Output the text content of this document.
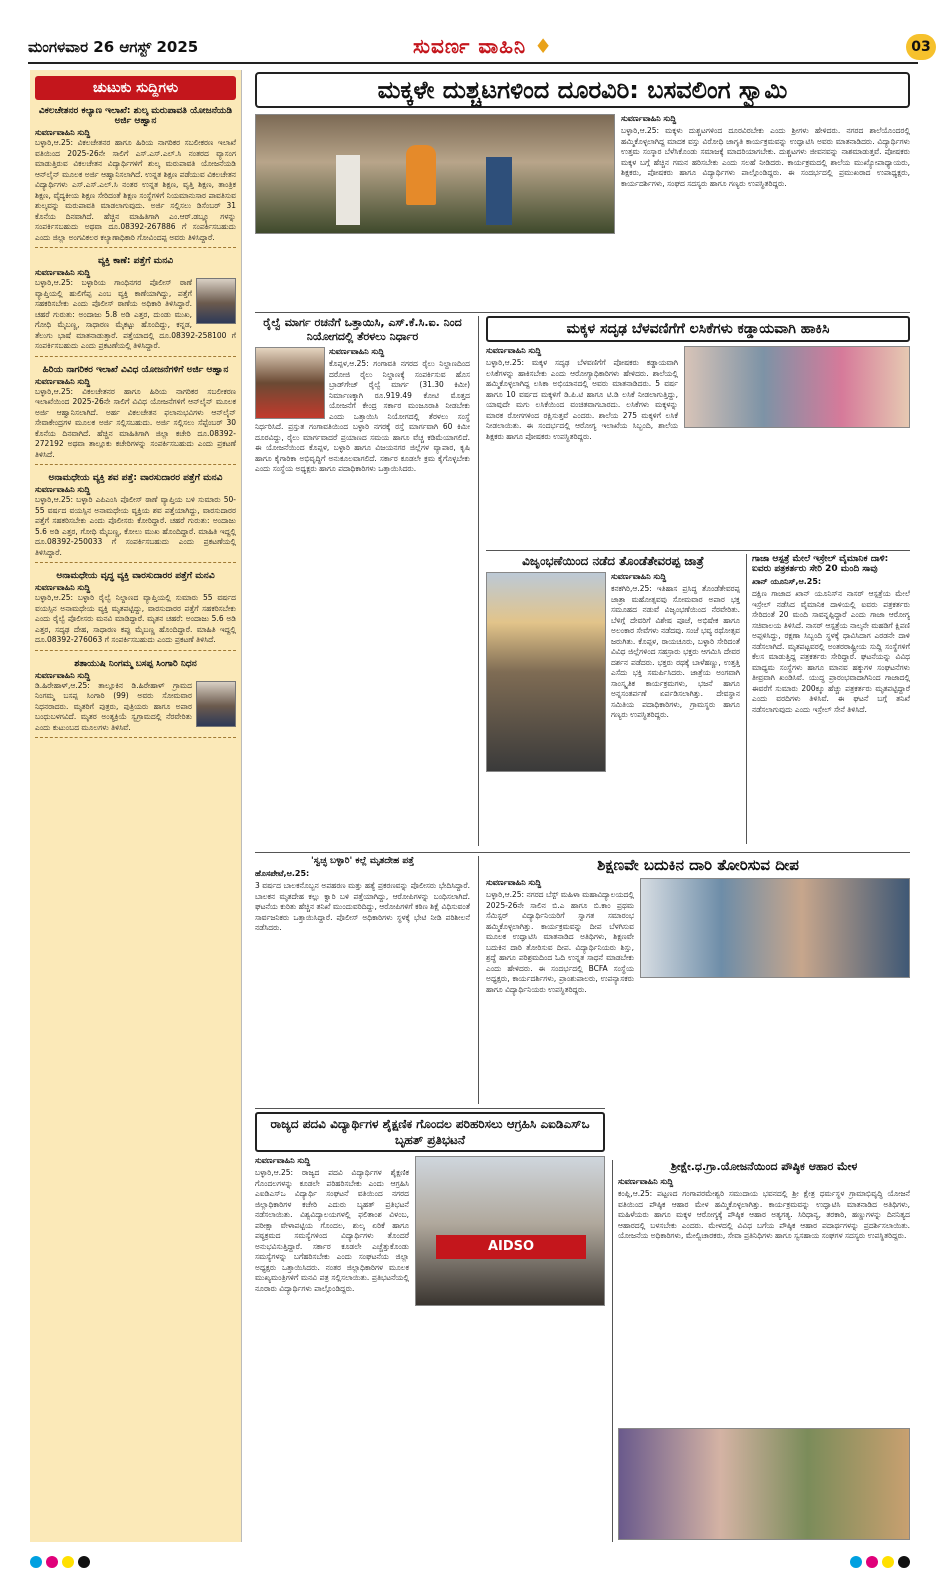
ಮಂಗಳವಾರ 26 ಆಗಸ್ಟ್ 2025	ಸುವರ್ಣ ವಾಹಿನಿ ♦	03
ಚುಟುಕು ಸುದ್ದಿಗಳು
ವಿಕಲಚೇತನರ ಕಲ್ಯಾಣ ಇಲಾಖೆ: ಶುಲ್ಕ ಮರುಪಾವತಿ ಯೋಜನೆಯಡಿ ಅರ್ಜಿ ಆಹ್ವಾನ
ಸುವರ್ಣವಾಹಿನಿ ಸುದ್ದಿ

ಬಳ್ಳಾರಿ,ಆ.25: ವಿಕಲಚೇತನರ ಹಾಗೂ ಹಿರಿಯ ನಾಗರಿಕರ ಸಬಲೀಕರಣ ಇಲಾಖೆ ವತಿಯಿಂದ 2025-26ನೇ ಸಾಲಿಗೆ ಎಸ್.ಎಸ್.ಎಲ್.ಸಿ ನಂತರದ ವ್ಯಾಸಂಗ ಮಾಡುತ್ತಿರುವ ವಿಕಲಚೇತನ ವಿದ್ಯಾರ್ಥಿಗಳಿಗೆ ಶುಲ್ಕ ಮರುಪಾವತಿ ಯೋಜನೆಯಡಿ ಆನ್‌ಲೈನ್ ಮೂಲಕ ಅರ್ಜಿ ಆಹ್ವಾನಿಸಲಾಗಿದೆ. ಉನ್ನತ ಶಿಕ್ಷಣ ಪಡೆಯುವ ವಿಕಲಚೇತನ ವಿದ್ಯಾರ್ಥಿಗಳು ಎಸ್.ಎಸ್.ಎಲ್.ಸಿ ನಂತರ ಉನ್ನತ ಶಿಕ್ಷಣ, ವೃತ್ತಿ ಶಿಕ್ಷಣ, ತಾಂತ್ರಿಕ ಶಿಕ್ಷಣ, ವೈದ್ಯಕೀಯ ಶಿಕ್ಷಣ ಸೇರಿದಂತೆ ಶಿಕ್ಷಣ ಸಂಸ್ಥೆಗಳಿಗೆ ನಿಯಮಾನುಸಾರ ಪಾವತಿಸುವ ಶುಲ್ಕವನ್ನು ಮರುಪಾವತಿ ಮಾಡಲಾಗುವುದು. ಅರ್ಜಿ ಸಲ್ಲಿಸಲು ಡಿಸೆಂಬರ್ 31 ಕೊನೆಯ ದಿನವಾಗಿದೆ. ಹೆಚ್ಚಿನ ಮಾಹಿತಿಗಾಗಿ ಎಂ.ಆರ್.ಡಬ್ಲ್ಯೂ ಗಳನ್ನು ಸಂಪರ್ಕಿಸಬಹುದು ಅಥವಾ ದೂ.08392-267886 ಗೆ ಸಂಪರ್ಕಿಸಬಹುದು ಎಂದು ಜಿಲ್ಲಾ ಅಂಗವಿಕಲರ ಕಲ್ಯಾಣಾಧಿಕಾರಿ ಗೋವಿಂದಪ್ಪ ಅವರು ತಿಳಿಸಿದ್ದಾರೆ.

ವ್ಯಕ್ತಿ ಕಾಣೆ: ಪತ್ತೆಗೆ ಮನವಿ
ಸುವರ್ಣವಾಹಿನಿ ಸುದ್ದಿ

ಬಳ್ಳಾರಿ,ಆ.25: ಬಳ್ಳಾರಿಯ ಗಾಂಧಿನಗರ ಪೊಲೀಸ್ ಠಾಣೆ ವ್ಯಾಪ್ತಿಯಲ್ಲಿ ಹುಲಿಗೆಪ್ಪ ಎಂಬ ವ್ಯಕ್ತಿ ಕಾಣೆಯಾಗಿದ್ದು, ಪತ್ತೆಗೆ ಸಹಕರಿಸಬೇಕು ಎಂದು ಪೊಲೀಸ್ ಠಾಣೆಯ ಅಧಿಕಾರಿ ತಿಳಿಸಿದ್ದಾರೆ. ಚಹರೆ ಗುರುತು: ಅಂದಾಜು 5.8 ಅಡಿ ಎತ್ತರ, ದುಂಡು ಮುಖ, ಗೋಧಿ ಮೈಬಣ್ಣ, ಸಾಧಾರಣ ಮೈಕಟ್ಟು ಹೊಂದಿದ್ದು, ಕನ್ನಡ, ತೆಲುಗು ಭಾಷೆ ಮಾತನಾಡುತ್ತಾರೆ. ಪತ್ತೆಯಾದಲ್ಲಿ ದೂ.08392-258100 ಗೆ ಸಂಪರ್ಕಿಸಬಹುದು ಎಂದು ಪ್ರಕಟಣೆಯಲ್ಲಿ ತಿಳಿಸಿದ್ದಾರೆ.

ಹಿರಿಯ ನಾಗರಿಕರ ಇಲಾಖೆ ವಿವಿಧ ಯೋಜನೆಗಳಿಗೆ ಅರ್ಜಿ ಆಹ್ವಾನ
ಸುವರ್ಣವಾಹಿನಿ ಸುದ್ದಿ

ಬಳ್ಳಾರಿ,ಆ.25: ವಿಕಲಚೇತನರ ಹಾಗೂ ಹಿರಿಯ ನಾಗರಿಕರ ಸಬಲೀಕರಣ ಇಲಾಖೆಯಿಂದ 2025-26ನೇ ಸಾಲಿಗೆ ವಿವಿಧ ಯೋಜನೆಗಳಿಗೆ ಆನ್‌ಲೈನ್ ಮೂಲಕ ಅರ್ಜಿ ಆಹ್ವಾನಿಸಲಾಗಿದೆ. ಅರ್ಹ ವಿಕಲಚೇತನ ಫಲಾನುಭವಿಗಳು ಆನ್‌ಲೈನ್ ಸೇವಾಕೇಂದ್ರಗಳ ಮೂಲಕ ಅರ್ಜಿ ಸಲ್ಲಿಸಬಹುದು. ಅರ್ಜಿ ಸಲ್ಲಿಸಲು ಸೆಪ್ಟೆಂಬರ್ 30 ಕೊನೆಯ ದಿನವಾಗಿದೆ. ಹೆಚ್ಚಿನ ಮಾಹಿತಿಗಾಗಿ ಜಿಲ್ಲಾ ಕಚೇರಿ ದೂ.08392-272192 ಅಥವಾ ತಾಲ್ಲೂಕು ಕಚೇರಿಗಳನ್ನು ಸಂಪರ್ಕಿಸಬಹುದು ಎಂದು ಪ್ರಕಟಣೆ ತಿಳಿಸಿದೆ.

ಅನಾಮಧೇಯ ವ್ಯಕ್ತಿ ಶವ ಪತ್ತೆ: ವಾರಸುದಾರರ ಪತ್ತೆಗೆ ಮನವಿ
ಸುವರ್ಣವಾಹಿನಿ ಸುದ್ದಿ

ಬಳ್ಳಾರಿ,ಆ.25: ಬಳ್ಳಾರಿ ಎಪಿಎಂಸಿ ಪೊಲೀಸ್ ಠಾಣೆ ವ್ಯಾಪ್ತಿಯ ಬಳಿ ಸುಮಾರು 50-55 ವರ್ಷದ ವಯಸ್ಸಿನ ಅನಾಮಧೇಯ ವ್ಯಕ್ತಿಯ ಶವ ಪತ್ತೆಯಾಗಿದ್ದು, ವಾರಸುದಾರರ ಪತ್ತೆಗೆ ಸಹಕರಿಸಬೇಕು ಎಂದು ಪೊಲೀಸರು ಕೋರಿದ್ದಾರೆ. ಚಹರೆ ಗುರುತು: ಅಂದಾಜು 5.6 ಅಡಿ ಎತ್ತರ, ಗೋಧಿ ಮೈಬಣ್ಣ, ಕೋಲು ಮುಖ ಹೊಂದಿದ್ದಾರೆ. ಮಾಹಿತಿ ಇದ್ದಲ್ಲಿ ದೂ.08392-250033 ಗೆ ಸಂಪರ್ಕಿಸಬಹುದು ಎಂದು ಪ್ರಕಟಣೆಯಲ್ಲಿ ತಿಳಿಸಿದ್ದಾರೆ.

ಅನಾಮಧೇಯ ವೃದ್ಧ ವ್ಯಕ್ತಿ ವಾರಸುದಾರರ ಪತ್ತೆಗೆ ಮನವಿ
ಸುವರ್ಣವಾಹಿನಿ ಸುದ್ದಿ

ಬಳ್ಳಾರಿ,ಆ.25: ಬಳ್ಳಾರಿ ರೈಲ್ವೆ ನಿಲ್ದಾಣದ ವ್ಯಾಪ್ತಿಯಲ್ಲಿ ಸುಮಾರು 55 ವರ್ಷದ ವಯಸ್ಸಿನ ಅನಾಮಧೇಯ ವ್ಯಕ್ತಿ ಮೃತಪಟ್ಟಿದ್ದು, ವಾರಸುದಾರರ ಪತ್ತೆಗೆ ಸಹಕರಿಸಬೇಕು ಎಂದು ರೈಲ್ವೆ ಪೊಲೀಸರು ಮನವಿ ಮಾಡಿದ್ದಾರೆ. ಮೃತನ ಚಹರೆ: ಅಂದಾಜು 5.6 ಅಡಿ ಎತ್ತರ, ಸದೃಢ ದೇಹ, ಸಾಧಾರಣ ಕಪ್ಪು ಮೈಬಣ್ಣ ಹೊಂದಿದ್ದಾರೆ. ಮಾಹಿತಿ ಇದ್ದಲ್ಲಿ ದೂ.08392-276063 ಗೆ ಸಂಪರ್ಕಿಸಬಹುದು ಎಂದು ಪ್ರಕಟಣೆ ತಿಳಿಸಿದೆ.

ಶತಾಯುಷಿ ನಿಂಗಮ್ಮ ಬಸಪ್ಪ ಸಿಂಗಾರಿ ನಿಧನ
ಸುವರ್ಣವಾಹಿನಿ ಸುದ್ದಿ

ಡಿ.ಹಿರೇಹಾಳ್,ಆ.25: ತಾಲ್ಲೂಕಿನ ಡಿ.ಹಿರೇಹಾಳ್ ಗ್ರಾಮದ ನಿಂಗಮ್ಮ ಬಸಪ್ಪ ಸಿಂಗಾರಿ (99) ಅವರು ಸೋಮವಾರ ನಿಧನರಾದರು. ಮೃತರಿಗೆ ಪುತ್ರರು, ಪುತ್ರಿಯರು ಹಾಗೂ ಅಪಾರ ಬಂಧುಬಳಗವಿದೆ. ಮೃತರ ಅಂತ್ಯಕ್ರಿಯೆ ಸ್ವಗ್ರಾಮದಲ್ಲಿ ನೆರವೇರಿತು ಎಂದು ಕುಟುಂಬದ ಮೂಲಗಳು ತಿಳಿಸಿವೆ.

ಮಕ್ಕಳೇ ದುಶ್ಚಟಗಳಿಂದ ದೂರವಿರಿ: ಬಸವಲಿಂಗ ಸ್ವಾಮಿ
ಸುವರ್ಣವಾಹಿನಿ ಸುದ್ದಿ
ಬಳ್ಳಾರಿ,ಆ.25: ಮಕ್ಕಳು ದುಶ್ಚಟಗಳಿಂದ ದೂರವಿರಬೇಕು ಎಂದು ಶ್ರೀಗಳು ಹೇಳಿದರು. ನಗರದ ಶಾಲೆಯೊಂದರಲ್ಲಿ ಹಮ್ಮಿಕೊಳ್ಳಲಾಗಿದ್ದ ಮಾದಕ ವಸ್ತು ವಿರೋಧಿ ಜಾಗೃತಿ ಕಾರ್ಯಕ್ರಮವನ್ನು ಉದ್ಘಾಟಿಸಿ ಅವರು ಮಾತನಾಡಿದರು. ವಿದ್ಯಾರ್ಥಿಗಳು ಉತ್ತಮ ಸಂಸ್ಕಾರ ಬೆಳೆಸಿಕೊಂಡು ಸಮಾಜಕ್ಕೆ ಮಾದರಿಯಾಗಬೇಕು. ದುಶ್ಚಟಗಳು ಜೀವನವನ್ನು ನಾಶಮಾಡುತ್ತವೆ. ಪೋಷಕರು ಮಕ್ಕಳ ಬಗ್ಗೆ ಹೆಚ್ಚಿನ ಗಮನ ಹರಿಸಬೇಕು ಎಂದು ಸಲಹೆ ನೀಡಿದರು. ಕಾರ್ಯಕ್ರಮದಲ್ಲಿ ಶಾಲೆಯ ಮುಖ್ಯೋಪಾಧ್ಯಾಯರು, ಶಿಕ್ಷಕರು, ಪೋಷಕರು ಹಾಗೂ ವಿದ್ಯಾರ್ಥಿಗಳು ಪಾಲ್ಗೊಂಡಿದ್ದರು. ಈ ಸಂದರ್ಭದಲ್ಲಿ ಪ್ರಮುಖರಾದ ಉಪಾಧ್ಯಕ್ಷರು, ಕಾರ್ಯದರ್ಶಿಗಳು, ಸಂಘದ ಸದಸ್ಯರು ಹಾಗೂ ಗಣ್ಯರು ಉಪಸ್ಥಿತರಿದ್ದರು.
ರೈಲ್ವೆ ಮಾರ್ಗ ರಚನೆಗೆ ಒತ್ತಾಯಿಸಿ, ಎಸ್.ಕೆ.ಸಿ.ಐ. ನಿಂದ ನಿಯೋಗದಲ್ಲಿ ತೆರಳಲು ನಿರ್ಧಾರ
ಸುವರ್ಣವಾಹಿನಿ ಸುದ್ದಿ
ಕೊಪ್ಪಳ,ಆ.25: ಗಂಗಾವತಿ ನಗರದ ರೈಲು ನಿಲ್ದಾಣದಿಂದ ದರೋಜಿ ರೈಲು ನಿಲ್ದಾಣಕ್ಕೆ ಸಂಪರ್ಕಿಸುವ ಹೊಸ ಬ್ರಾಡ್‌ಗೇಜ್ ರೈಲ್ವೆ ಮಾರ್ಗ (31.30 ಕಿಮೀ) ನಿರ್ಮಾಣಕ್ಕಾಗಿ ರೂ.919.49 ಕೋಟಿ ಮೊತ್ತದ ಯೋಜನೆಗೆ ಕೇಂದ್ರ ಸರ್ಕಾರ ಮಂಜೂರಾತಿ ನೀಡಬೇಕು ಎಂದು ಒತ್ತಾಯಿಸಿ ನಿಯೋಗದಲ್ಲಿ ತೆರಳಲು ಸಂಸ್ಥೆ ನಿರ್ಧರಿಸಿದೆ. ಪ್ರಸ್ತುತ ಗಂಗಾವತಿಯಿಂದ ಬಳ್ಳಾರಿ ನಗರಕ್ಕೆ ರಸ್ತೆ ಮಾರ್ಗವಾಗಿ 60 ಕಿಮೀ ದೂರವಿದ್ದು, ರೈಲು ಮಾರ್ಗವಾದರೆ ಪ್ರಯಾಣದ ಸಮಯ ಹಾಗೂ ವೆಚ್ಚ ಕಡಿಮೆಯಾಗಲಿದೆ. ಈ ಯೋಜನೆಯಿಂದ ಕೊಪ್ಪಳ, ಬಳ್ಳಾರಿ ಹಾಗೂ ವಿಜಯನಗರ ಜಿಲ್ಲೆಗಳ ವ್ಯಾಪಾರ, ಕೃಷಿ ಹಾಗೂ ಕೈಗಾರಿಕಾ ಅಭಿವೃದ್ಧಿಗೆ ಅನುಕೂಲವಾಗಲಿದೆ. ಸರ್ಕಾರ ಕೂಡಲೇ ಕ್ರಮ ಕೈಗೊಳ್ಳಬೇಕು ಎಂದು ಸಂಸ್ಥೆಯ ಅಧ್ಯಕ್ಷರು ಹಾಗೂ ಪದಾಧಿಕಾರಿಗಳು ಒತ್ತಾಯಿಸಿದರು.
ಮಕ್ಕಳ ಸದೃಢ ಬೆಳವಣಿಗೆಗೆ ಲಸಿಕೆಗಳು ಕಡ್ಡಾಯವಾಗಿ ಹಾಕಿಸಿ
ಸುವರ್ಣವಾಹಿನಿ ಸುದ್ದಿ
ಬಳ್ಳಾರಿ,ಆ.25: ಮಕ್ಕಳ ಸದೃಢ ಬೆಳವಣಿಗೆಗೆ ಪೋಷಕರು ಕಡ್ಡಾಯವಾಗಿ ಲಸಿಕೆಗಳನ್ನು ಹಾಕಿಸಬೇಕು ಎಂದು ಆರೋಗ್ಯಾಧಿಕಾರಿಗಳು ಹೇಳಿದರು. ಶಾಲೆಯಲ್ಲಿ ಹಮ್ಮಿಕೊಳ್ಳಲಾಗಿದ್ದ ಲಸಿಕಾ ಅಭಿಯಾನದಲ್ಲಿ ಅವರು ಮಾತನಾಡಿದರು. 5 ವರ್ಷ ಹಾಗೂ 10 ವರ್ಷದ ಮಕ್ಕಳಿಗೆ ಡಿ.ಪಿ.ಟಿ ಹಾಗೂ ಟಿ.ಡಿ ಲಸಿಕೆ ನೀಡಲಾಗುತ್ತಿದ್ದು, ಯಾವುದೇ ಮಗು ಲಸಿಕೆಯಿಂದ ವಂಚಿತವಾಗಬಾರದು. ಲಸಿಕೆಗಳು ಮಕ್ಕಳನ್ನು ಮಾರಕ ರೋಗಗಳಿಂದ ರಕ್ಷಿಸುತ್ತವೆ ಎಂದರು. ಶಾಲೆಯ 275 ಮಕ್ಕಳಿಗೆ ಲಸಿಕೆ ನೀಡಲಾಯಿತು. ಈ ಸಂದರ್ಭದಲ್ಲಿ ಆರೋಗ್ಯ ಇಲಾಖೆಯ ಸಿಬ್ಬಂದಿ, ಶಾಲೆಯ ಶಿಕ್ಷಕರು ಹಾಗೂ ಪೋಷಕರು ಉಪಸ್ಥಿತರಿದ್ದರು.
ವಿಜೃಂಭಣೆಯಿಂದ ನಡೆದ ತೊಂಡೆತೇವರಪ್ಪ ಜಾತ್ರೆ
ಸುವರ್ಣವಾಹಿನಿ ಸುದ್ದಿ
ಕನಕಗಿರಿ,ಆ.25: ಇತಿಹಾಸ ಪ್ರಸಿದ್ಧ ತೊಂಡೆತೇವರಪ್ಪ ಜಾತ್ರಾ ಮಹೋತ್ಸವವು ಸೋಮವಾರ ಅಪಾರ ಭಕ್ತ ಸಮೂಹದ ನಡುವೆ ವಿಜೃಂಭಣೆಯಿಂದ ನೆರವೇರಿತು. ಬೆಳಿಗ್ಗೆ ದೇವರಿಗೆ ವಿಶೇಷ ಪೂಜೆ, ಅಭಿಷೇಕ ಹಾಗೂ ಅಲಂಕಾರ ಸೇವೆಗಳು ನಡೆದವು. ಸಂಜೆ ಭವ್ಯ ರಥೋತ್ಸವ ಜರುಗಿತು. ಕೊಪ್ಪಳ, ರಾಯಚೂರು, ಬಳ್ಳಾರಿ ಸೇರಿದಂತೆ ವಿವಿಧ ಜಿಲ್ಲೆಗಳಿಂದ ಸಹಸ್ರಾರು ಭಕ್ತರು ಆಗಮಿಸಿ ದೇವರ ದರ್ಶನ ಪಡೆದರು. ಭಕ್ತರು ರಥಕ್ಕೆ ಬಾಳೆಹಣ್ಣು, ಉತ್ತತ್ತಿ ಎಸೆದು ಭಕ್ತಿ ಸಮರ್ಪಿಸಿದರು. ಜಾತ್ರೆಯ ಅಂಗವಾಗಿ ಸಾಂಸ್ಕೃತಿಕ ಕಾರ್ಯಕ್ರಮಗಳು, ಭಜನೆ ಹಾಗೂ ಅನ್ನಸಂತರ್ಪಣೆ ಏರ್ಪಡಿಸಲಾಗಿತ್ತು. ದೇವಸ್ಥಾನ ಸಮಿತಿಯ ಪದಾಧಿಕಾರಿಗಳು, ಗ್ರಾಮಸ್ಥರು ಹಾಗೂ ಗಣ್ಯರು ಉಪಸ್ಥಿತರಿದ್ದರು.
ಗಾಜಾ ಆಸ್ಪತ್ರೆ ಮೇಲೆ ಇಸ್ರೇಲ್ ವೈಮಾನಿಕ ದಾಳಿ: ಐವರು ಪತ್ರಕರ್ತರು ಸೇರಿ 20 ಮಂದಿ ಸಾವು
ಖಾನ್ ಯೂನಿಸ್,ಆ.25:
ದಕ್ಷಿಣ ಗಾಜಾದ ಖಾನ್ ಯೂನಿಸ್‌ನ ನಾಸರ್ ಆಸ್ಪತ್ರೆಯ ಮೇಲೆ ಇಸ್ರೇಲ್ ನಡೆಸಿದ ವೈಮಾನಿಕ ದಾಳಿಯಲ್ಲಿ ಐವರು ಪತ್ರಕರ್ತರು ಸೇರಿದಂತೆ 20 ಮಂದಿ ಸಾವನ್ನಪ್ಪಿದ್ದಾರೆ ಎಂದು ಗಾಜಾ ಆರೋಗ್ಯ ಸಚಿವಾಲಯ ತಿಳಿಸಿದೆ. ನಾಸರ್ ಆಸ್ಪತ್ರೆಯ ನಾಲ್ಕನೇ ಮಹಡಿಗೆ ಕ್ಷಿಪಣಿ ಅಪ್ಪಳಿಸಿದ್ದು, ರಕ್ಷಣಾ ಸಿಬ್ಬಂದಿ ಸ್ಥಳಕ್ಕೆ ಧಾವಿಸಿದಾಗ ಎರಡನೇ ದಾಳಿ ನಡೆಸಲಾಗಿದೆ. ಮೃತಪಟ್ಟವರಲ್ಲಿ ಅಂತರರಾಷ್ಟ್ರೀಯ ಸುದ್ದಿ ಸಂಸ್ಥೆಗಳಿಗೆ ಕೆಲಸ ಮಾಡುತ್ತಿದ್ದ ಪತ್ರಕರ್ತರು ಸೇರಿದ್ದಾರೆ. ಘಟನೆಯನ್ನು ವಿವಿಧ ಮಾಧ್ಯಮ ಸಂಸ್ಥೆಗಳು ಹಾಗೂ ಮಾನವ ಹಕ್ಕುಗಳ ಸಂಘಟನೆಗಳು ತೀವ್ರವಾಗಿ ಖಂಡಿಸಿವೆ. ಯುದ್ಧ ಪ್ರಾರಂಭವಾದಾಗಿನಿಂದ ಗಾಜಾದಲ್ಲಿ ಈವರೆಗೆ ಸುಮಾರು 200ಕ್ಕೂ ಹೆಚ್ಚು ಪತ್ರಕರ್ತರು ಮೃತಪಟ್ಟಿದ್ದಾರೆ ಎಂದು ವರದಿಗಳು ತಿಳಿಸಿವೆ. ಈ ಘಟನೆ ಬಗ್ಗೆ ತನಿಖೆ ನಡೆಸಲಾಗುವುದು ಎಂದು ಇಸ್ರೇಲ್ ಸೇನೆ ತಿಳಿಸಿದೆ.
'ಸ್ವಚ್ಛ ಬಳ್ಳಾರಿ' ಕಲ್ಲೆ ಮೃತದೇಹ ಪತ್ತೆ
ಹೊಸಪೇಟೆ,ಆ.25:
3 ವರ್ಷದ ಬಾಲಕನೊಬ್ಬನ ಅಪಹರಣ ಮತ್ತು ಹತ್ಯೆ ಪ್ರಕರಣವನ್ನು ಪೊಲೀಸರು ಭೇದಿಸಿದ್ದಾರೆ. ಬಾಲಕನ ಮೃತದೇಹ ಕಲ್ಲು ಕ್ವಾರಿ ಬಳಿ ಪತ್ತೆಯಾಗಿದ್ದು, ಆರೋಪಿಗಳನ್ನು ಬಂಧಿಸಲಾಗಿದೆ. ಘಟನೆಯ ಕುರಿತು ಹೆಚ್ಚಿನ ತನಿಖೆ ಮುಂದುವರಿದಿದ್ದು, ಆರೋಪಿಗಳಿಗೆ ಕಠಿಣ ಶಿಕ್ಷೆ ವಿಧಿಸುವಂತೆ ಸಾರ್ವಜನಿಕರು ಒತ್ತಾಯಿಸಿದ್ದಾರೆ. ಪೊಲೀಸ್ ಅಧಿಕಾರಿಗಳು ಸ್ಥಳಕ್ಕೆ ಭೇಟಿ ನೀಡಿ ಪರಿಶೀಲನೆ ನಡೆಸಿದರು.
ಶಿಕ್ಷಣವೇ ಬದುಕಿನ ದಾರಿ ತೋರಿಸುವ ದೀಪ
ಸುವರ್ಣವಾಹಿನಿ ಸುದ್ದಿ
ಬಳ್ಳಾರಿ,ಆ.25: ನಗರದ ಬೆಸ್ಟ್ ಮಹಿಳಾ ಮಹಾವಿದ್ಯಾಲಯದಲ್ಲಿ 2025-26ನೇ ಸಾಲಿನ ಬಿ.ಎ ಹಾಗೂ ಬಿ.ಕಾಂ ಪ್ರಥಮ ಸೆಮಿಸ್ಟರ್ ವಿದ್ಯಾರ್ಥಿನಿಯರಿಗೆ ಸ್ವಾಗತ ಸಮಾರಂಭ ಹಮ್ಮಿಕೊಳ್ಳಲಾಗಿತ್ತು. ಕಾರ್ಯಕ್ರಮವನ್ನು ದೀಪ ಬೆಳಗಿಸುವ ಮೂಲಕ ಉದ್ಘಾಟಿಸಿ ಮಾತನಾಡಿದ ಅತಿಥಿಗಳು, ಶಿಕ್ಷಣವೇ ಬದುಕಿನ ದಾರಿ ತೋರಿಸುವ ದೀಪ. ವಿದ್ಯಾರ್ಥಿನಿಯರು ಶಿಸ್ತು, ಶ್ರದ್ಧೆ ಹಾಗೂ ಪರಿಶ್ರಮದಿಂದ ಓದಿ ಉನ್ನತ ಸಾಧನೆ ಮಾಡಬೇಕು ಎಂದು ಹೇಳಿದರು. ಈ ಸಂದರ್ಭದಲ್ಲಿ BCFA ಸಂಸ್ಥೆಯ ಅಧ್ಯಕ್ಷರು, ಕಾರ್ಯದರ್ಶಿಗಳು, ಪ್ರಾಂಶುಪಾಲರು, ಉಪನ್ಯಾಸಕರು ಹಾಗೂ ವಿದ್ಯಾರ್ಥಿನಿಯರು ಉಪಸ್ಥಿತರಿದ್ದರು.
ರಾಜ್ಯದ ಪದವಿ ವಿದ್ಯಾರ್ಥಿಗಳ ಶೈಕ್ಷಣಿಕ ಗೊಂದಲ ಪರಿಹರಿಸಲು ಆಗ್ರಹಿಸಿ ಎಐಡಿಎಸ್‌ಒ ಬೃಹತ್ ಪ್ರತಿಭಟನೆ
AIDSO
ಸುವರ್ಣವಾಹಿನಿ ಸುದ್ದಿ
ಬಳ್ಳಾರಿ,ಆ.25: ರಾಜ್ಯದ ಪದವಿ ವಿದ್ಯಾರ್ಥಿಗಳ ಶೈಕ್ಷಣಿಕ ಗೊಂದಲಗಳನ್ನು ಕೂಡಲೇ ಪರಿಹರಿಸಬೇಕು ಎಂದು ಆಗ್ರಹಿಸಿ ಎಐಡಿಎಸ್‌ಒ ವಿದ್ಯಾರ್ಥಿ ಸಂಘಟನೆ ವತಿಯಿಂದ ನಗರದ ಜಿಲ್ಲಾಧಿಕಾರಿಗಳ ಕಚೇರಿ ಎದುರು ಬೃಹತ್ ಪ್ರತಿಭಟನೆ ನಡೆಸಲಾಯಿತು. ವಿಶ್ವವಿದ್ಯಾಲಯಗಳಲ್ಲಿ ಫಲಿತಾಂಶ ವಿಳಂಬ, ಪರೀಕ್ಷಾ ವೇಳಾಪಟ್ಟಿಯ ಗೊಂದಲ, ಶುಲ್ಕ ಏರಿಕೆ ಹಾಗೂ ಪಠ್ಯಕ್ರಮದ ಸಮಸ್ಯೆಗಳಿಂದ ವಿದ್ಯಾರ್ಥಿಗಳು ತೊಂದರೆ ಅನುಭವಿಸುತ್ತಿದ್ದಾರೆ. ಸರ್ಕಾರ ಕೂಡಲೇ ಎಚ್ಚೆತ್ತುಕೊಂಡು ಸಮಸ್ಯೆಗಳನ್ನು ಬಗೆಹರಿಸಬೇಕು ಎಂದು ಸಂಘಟನೆಯ ಜಿಲ್ಲಾ ಅಧ್ಯಕ್ಷರು ಒತ್ತಾಯಿಸಿದರು. ನಂತರ ಜಿಲ್ಲಾಧಿಕಾರಿಗಳ ಮೂಲಕ ಮುಖ್ಯಮಂತ್ರಿಗಳಿಗೆ ಮನವಿ ಪತ್ರ ಸಲ್ಲಿಸಲಾಯಿತು. ಪ್ರತಿಭಟನೆಯಲ್ಲಿ ನೂರಾರು ವಿದ್ಯಾರ್ಥಿಗಳು ಪಾಲ್ಗೊಂಡಿದ್ದರು.
ಶ್ರೀಕ್ಷೇ.ಧ.ಗ್ರಾ.ಯೋಜನೆಯಿಂದ ಪೌಷ್ಠಿಕ ಆಹಾರ ಮೇಳ
ಸುವರ್ಣವಾಹಿನಿ ಸುದ್ದಿ
ಕಂಪ್ಲಿ,ಆ.25: ಪಟ್ಟಣದ ಗಂಗಾಪರಮೇಶ್ವರಿ ಸಮುದಾಯ ಭವನದಲ್ಲಿ ಶ್ರೀ ಕ್ಷೇತ್ರ ಧರ್ಮಸ್ಥಳ ಗ್ರಾಮಾಭಿವೃದ್ಧಿ ಯೋಜನೆ ವತಿಯಿಂದ ಪೌಷ್ಠಿಕ ಆಹಾರ ಮೇಳ ಹಮ್ಮಿಕೊಳ್ಳಲಾಗಿತ್ತು. ಕಾರ್ಯಕ್ರಮವನ್ನು ಉದ್ಘಾಟಿಸಿ ಮಾತನಾಡಿದ ಅತಿಥಿಗಳು, ಮಹಿಳೆಯರು ಹಾಗೂ ಮಕ್ಕಳ ಆರೋಗ್ಯಕ್ಕೆ ಪೌಷ್ಠಿಕ ಆಹಾರ ಅತ್ಯಗತ್ಯ. ಸಿರಿಧಾನ್ಯ, ತರಕಾರಿ, ಹಣ್ಣುಗಳನ್ನು ದಿನನಿತ್ಯದ ಆಹಾರದಲ್ಲಿ ಬಳಸಬೇಕು ಎಂದರು. ಮೇಳದಲ್ಲಿ ವಿವಿಧ ಬಗೆಯ ಪೌಷ್ಠಿಕ ಆಹಾರ ಪದಾರ್ಥಗಳನ್ನು ಪ್ರದರ್ಶಿಸಲಾಯಿತು. ಯೋಜನೆಯ ಅಧಿಕಾರಿಗಳು, ಮೇಲ್ವಿಚಾರಕರು, ಸೇವಾ ಪ್ರತಿನಿಧಿಗಳು ಹಾಗೂ ಸ್ವಸಹಾಯ ಸಂಘಗಳ ಸದಸ್ಯರು ಉಪಸ್ಥಿತರಿದ್ದರು.
